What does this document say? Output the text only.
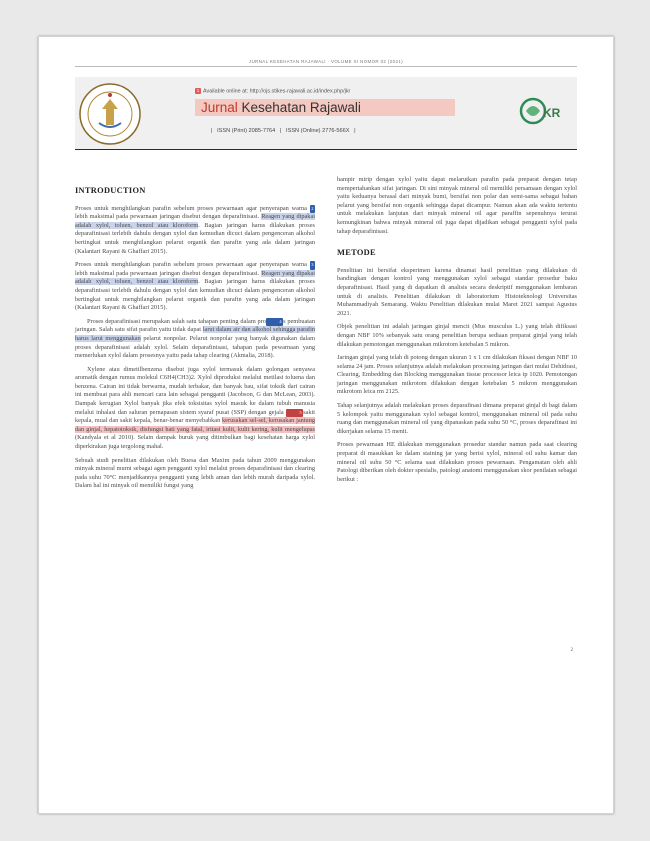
JURNAL KESEHATAN RAJAWALI · VOLUME XI NOMOR 02 (2021)
1 Available online at: http://ojs.stikes-rajawali.ac.id/index.php/jkr
Jurnal Kesehatan Rajawali
|   ISSN (Print) 2085-7764   |   ISSN (Online) 2776-566X   |
KR
INTRODUCTION

Proses untuk menghilangkan parafin sebelum proses pewarnaan agar penyerapan warna 2lebih maksimal pada pewarnaan jaringan disebut dengan deparafinisasi. Reagen yang dipakai adalah xylol, toluen, benzol atau kloroform. Bagian jaringan harus dilakukan proses deparafinisasi terlebih dahulu dengan xylol dan kemudian dicuci dalam pengenceran alkohol bertingkat untuk menghilangkan pelarut organik dan parafin yang ada dalam jaringan (Kalantari Rayani & Ghaffari 2015).

Proses untuk menghilangkan parafin sebelum proses pewarnaan agar penyerapan warna 3lebih maksimal pada pewarnaan jaringan disebut dengan deparafinisasi. Reagen yang dipakai adalah xylol, toluen, benzol atau kloroform. Bagian jaringan harus dilakukan proses deparafinisasi terlebih dahulu dengan xylol dan kemudian dicuci dalam pengenceran alkohol bertingkat untuk menghilangkan pelarut organik dan parafin yang ada dalam jaringan (Kalantari Rayani & Ghaffari 2015).

Proses deparafinisasi merupakan salah satu tahapan penting dalam pro	4 s pembuatan jaringan. Salah satu sifat parafin yaitu tidak dapat larut dalam air dan alkohol sehingga parafin harus larut menggunakan pelarut nonpolar. Pelarut nonpolar yang banyak digunakan dalam proses deparafinisasi adalah xylol. Selain deparafinisasi, tahapan pada pewarnaan yang memerlukan xylol dalam prosesnya yaitu pada tahap clearing (Akmalia, 2018).

Xylene atau dimetilbenzena disebut juga xylol termasuk dalam golongan senyawa aromatik dengan rumus molekul C6H4(CH3)2. Xylol diproduksi melalui metilasi toluena dan benzena. Cairan ini tidak berwarna, mudah terbakar, dan banyak bau, sifat toksik dari cairan ini membuat para ahli mencari cara lain sebagai pengganti (Jacobson, G dan McLean, 2003). Dampak kerugian Xylol banyak jika efek toksisitas xylol masuk ke dalam tubuh manusia melalui inhalasi dan saluran pernapasan sistem syaraf pusat (SSP) dengan gejala	5 sakit kepala, mual dan sakit kepala, benar-benar menyebabkan kerusakan sel-sel, kerusakan jantung dan ginjal, hepatotoksik, disfungsi hati yang fatal, iritasi kulit, kulit kering, kulit mengelupas (Kandyala et al 2010). Selain dampak buruk yang ditimbulkan bagi kesehatan harga xylol diperkirakan juga tergolong mahal.

Sebuah studi penelitian dilakukan oleh Buesa dan Maxim pada tahun 2009 menggunakan minyak mineral murni sebagai agen pengganti xylol melalui proses deparafinisasi dan clearing pada suhu 70°C menjadikannya pengganti yang lebih aman dan lebih murah daripada xylol. Dalam hal ini minyak oil memiliki fungsi yang

hampir mirip dengan xylol yaitu dapat melarutkan parafin pada preparat dengan tetap mempertahankan sifat jaringan. Di sini minyak mineral oil memiliki persamaan dengan xylol yaitu keduanya berasal dari minyak bumi, bersifat non polar dan semi-sama sebagai bahan pelarut yang bersifat non organik sehingga dapat dicampur. Namun akan ada waktu tertentu untuk melakukan lanjutan dari minyak mineral oil agar paraffin sepenuhnya terurai kemungkinan bahwa minyak mineral oil juga dapat dijadikan sebagai pengganti xylol pada tahap deparafinisasi.

METODE

Penelitian ini bersifat eksperimen karena dinamai hasil penelitian yang dilakukan di bandingkan dengan kontrol yang menggunakan xylol sebagai standar prosedur baku deparafinisasi. Hasil yang di dapatkan di analisis secara deskriptif menggunakan lembaran untuk di analisis. Penelitian dilakukan di laboratorium Histoteknologi Universitas Muhammadiyah Semarang. Waktu Penelitian dilakukan mulai Maret 2021 sampai Agustus 2021.

Objek penelitian ini adalah jaringan ginjal mencit (Mus musculus L.) yang telah difiksasi dengan NBF 10% sebanyak satu orang penelitian berupa sediaan preparat ginjal yang telah dilakukan pemotongan menggunakan mikrotom ketebalan 5 mikron.

Jaringan ginjal yang telah di potong dengan ukuran 1 x 1 cm dilakukan fiksasi dengan NBF 10 selama 24 jam. Proses selanjutnya adalah melakukan processing jaringan dari mulai Dehidrasi, Clearing, Embedding dan Blocking menggunakan tissue processor leica tp 1020. Pemotongan jaringan menggunakan mikrotom dilakukan dengan ketebalan 5 mikron menggunakan mikrotom leica rm 2125.

Tahap selanjutnya adalah melakukan proses deparafinasi dimana preparat ginjal di bagi dalam 5 kelompok yaitu menggunakan xylol sebagai kontrol, menggunakan mineral oil pada suhu ruang dan menggunakan mineral oil yang dipanaskan pada suhu 50 °C, proses deparafinasi ini dikerjakan selama 15 menit.

Proses pewarnaan HE dilakukan menggunakan prosedur standar namun pada saat clearing preparat di masukkan ke dalam staining jar yang berisi xylol, mineral oil suhu kamar dan mineral oil suhu 50 °C selama saat dilakukan proses pewarnaan. Pengamatan oleh ahli Patologi diberikan oleh dokter spesialis, patologi anatomi menggunakan skor penilaian sebagai berikut :

2
